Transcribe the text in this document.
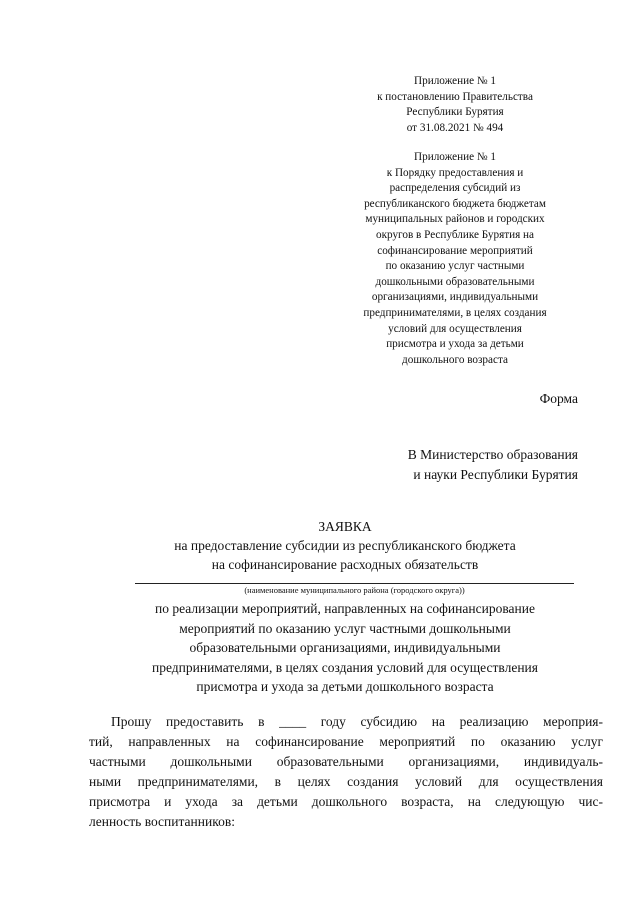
Приложение № 1
к постановлению Правительства
Республики Бурятия
от 31.08.2021 № 494
Приложение № 1
к Порядку предоставления и
распределения субсидий из
республиканского бюджета бюджетам
муниципальных районов и городских
округов в Республике Бурятия на
софинансирование мероприятий
по оказанию услуг частными
дошкольными образовательными
организациями, индивидуальными
предпринимателями, в целях создания
условий для осуществления
присмотра и ухода за детьми
дошкольного возраста
Форма
В Министерство образования
и науки Республики Бурятия
ЗАЯВКА
на предоставление субсидии из республиканского бюджета
на софинансирование расходных обязательств
(наименование муниципального района (городского округа))
по реализации мероприятий, направленных на софинансирование
мероприятий по оказанию услуг частными дошкольными
образовательными организациями, индивидуальными
предпринимателями, в целях создания условий для осуществления
присмотра и ухода за детьми дошкольного возраста
Прошу предоставить в ____ году субсидию на реализацию мероприя-
тий, направленных на софинансирование мероприятий по оказанию услуг
частными дошкольными образовательными организациями, индивидуаль-
ными предпринимателями, в целях создания условий для осуществления
присмотра и ухода за детьми дошкольного возраста, на следующую чис-
ленность воспитанников:
